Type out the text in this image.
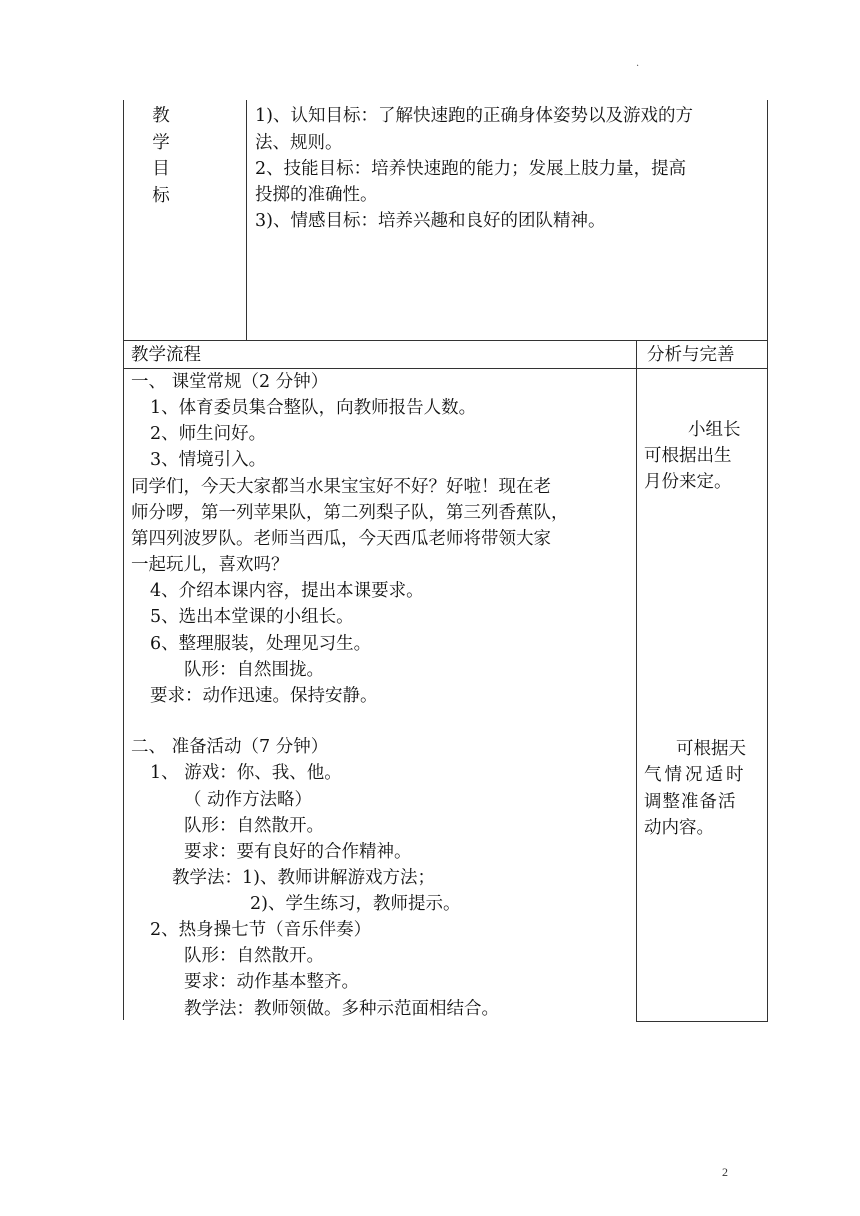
.
教
学
目
标
1)、认知目标：了解快速跑的正确身体姿势以及游戏的方
法、规则。
2、技能目标：培养快速跑的能力；发展上肢力量，提高
投掷的准确性。
3)、情感目标：培养兴趣和良好的团队精神。
教学流程	分析与完善
一、 课堂常规（2 分钟）
1、体育委员集合整队，向教师报告人数。
2、师生问好。
3、情境引入。
同学们，今天大家都当水果宝宝好不好？好啦！现在老
师分啰，第一列苹果队，第二列梨子队，第三列香蕉队，
第四列波罗队。老师当西瓜，今天西瓜老师将带领大家
一起玩儿，喜欢吗？
4、介绍本课内容，提出本课要求。
5、选出本堂课的小组长。
6、整理服装，处理见习生。
队形：自然围拢。
要求：动作迅速。保持安静。
二、 准备活动（7 分钟）
1、 游戏：你、我、他。
（ 动作方法略）
队形：自然散开。
要求：要有良好的合作精神。
教学法：1)、教师讲解游戏方法；
2)、学生练习，教师提示。
2、热身操七节（音乐伴奏）
队形：自然散开。
要求：动作基本整齐。
教学法：教师领做。多种示范面相结合。
小组长
可根据出生
月份来定。
可根据天
气情况适时
调整准备活
动内容。
2
